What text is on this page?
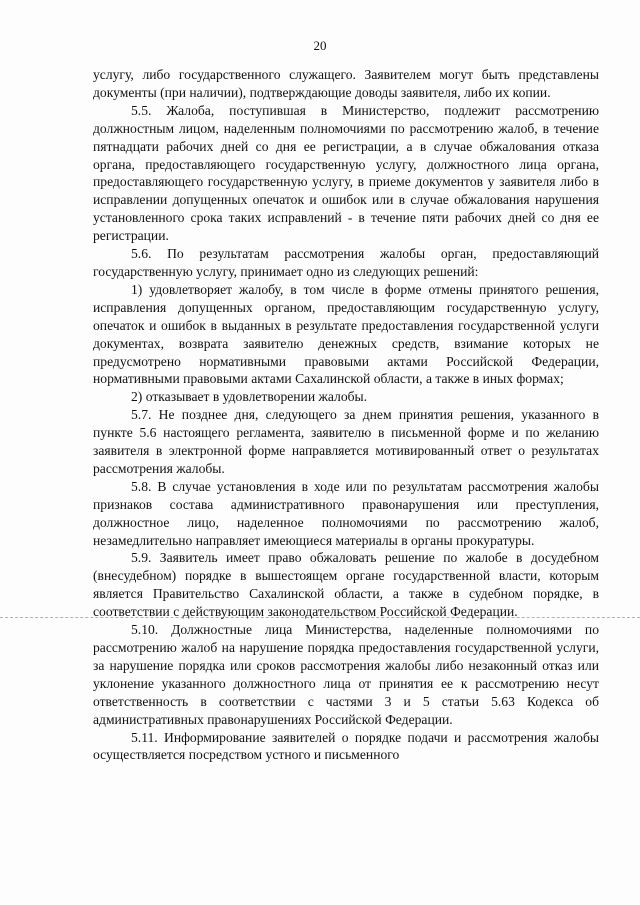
20

услугу, либо государственного служащего. Заявителем могут быть представлены документы (при наличии), подтверждающие доводы заявителя, либо их копии.

5.5. Жалоба, поступившая в Министерство, подлежит рассмотрению должностным лицом, наделенным полномочиями по рассмотрению жалоб, в течение пятнадцати рабочих дней со дня ее регистрации, а в случае обжалования отказа органа, предоставляющего государственную услугу, должностного лица органа, предоставляющего государственную услугу, в приеме документов у заявителя либо в исправлении допущенных опечаток и ошибок или в случае обжалования нарушения установленного срока таких исправлений - в течение пяти рабочих дней со дня ее регистрации.

5.6. По результатам рассмотрения жалобы орган, предоставляющий государственную услугу, принимает одно из следующих решений:

1) удовлетворяет жалобу, в том числе в форме отмены принятого решения, исправления допущенных органом, предоставляющим государственную услугу, опечаток и ошибок в выданных в результате предоставления государственной услуги документах, возврата заявителю денежных средств, взимание которых не предусмотрено нормативными правовыми актами Российской Федерации, нормативными правовыми актами Сахалинской области, а также в иных формах;

2) отказывает в удовлетворении жалобы.

5.7. Не позднее дня, следующего за днем принятия решения, указанного в пункте 5.6 настоящего регламента, заявителю в письменной форме и по желанию заявителя в электронной форме направляется мотивированный ответ о результатах рассмотрения жалобы.

5.8. В случае установления в ходе или по результатам рассмотрения жалобы признаков состава административного правонарушения или преступления, должностное лицо, наделенное полномочиями по рассмотрению жалоб, незамедлительно направляет имеющиеся материалы в органы прокуратуры.

5.9. Заявитель имеет право обжаловать решение по жалобе в досудебном (внесудебном) порядке в вышестоящем органе государственной власти, которым является Правительство Сахалинской области, а также в судебном порядке, в соответствии с действующим законодательством Российской Федерации.

5.10. Должностные лица Министерства, наделенные полномочиями по рассмотрению жалоб на нарушение порядка предоставления государственной услуги, за нарушение порядка или сроков рассмотрения жалобы либо незаконный отказ или уклонение указанного должностного лица от принятия ее к рассмотрению несут ответственность в соответствии с частями 3 и 5 статьи 5.63 Кодекса об административных правонарушениях Российской Федерации.

5.11. Информирование заявителей о порядке подачи и рассмотрения жалобы осуществляется посредством устного и письменного
